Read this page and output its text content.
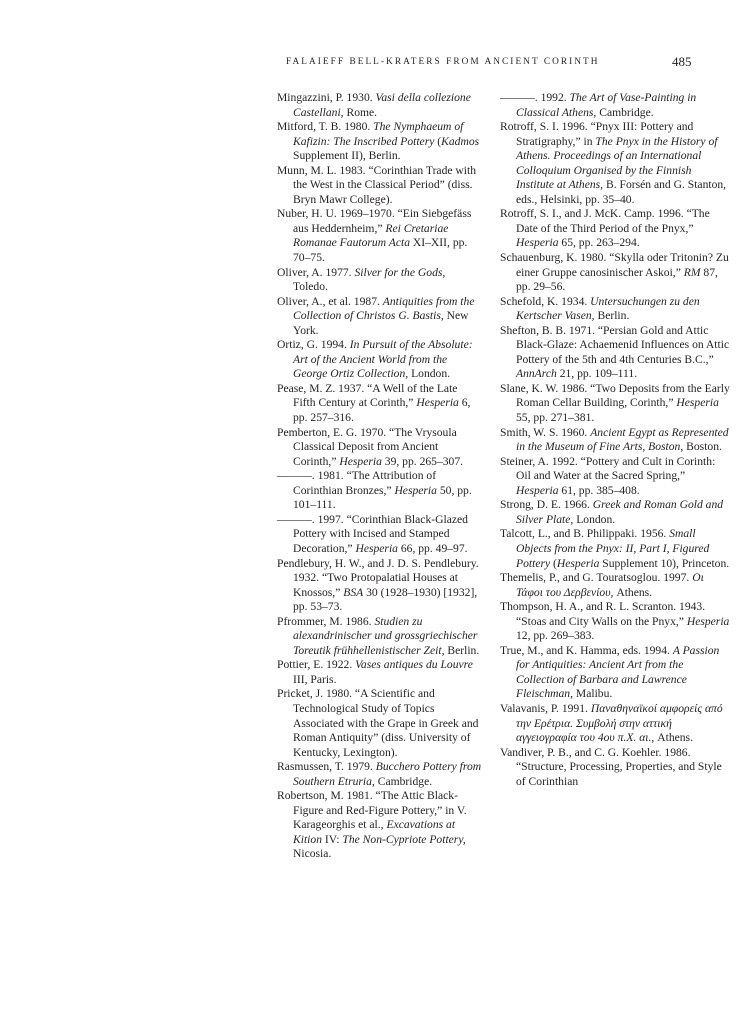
FALAIEFF BELL-KRATERS FROM ANCIENT CORINTH	485

Mingazzini, P. 1930. Vasi della collezione Castellani, Rome.

Mitford, T. B. 1980. The Nymphaeum of Kafizin: The Inscribed Pottery (Kadmos Supplement II), Berlin.

Munn, M. L. 1983. “Corinthian Trade with the West in the Classical Period” (diss. Bryn Mawr College).

Nuber, H. U. 1969–1970. “Ein Siebgefäss aus Heddernheim,” Rei Cretariae Romanae Fautorum Acta XI–XII, pp. 70–75.

Oliver, A. 1977. Silver for the Gods, Toledo.

Oliver, A., et al. 1987. Antiquities from the Collection of Christos G. Bastis, New York.

Ortiz, G. 1994. In Pursuit of the Absolute: Art of the Ancient World from the George Ortiz Collection, London.

Pease, M. Z. 1937. “A Well of the Late Fifth Century at Corinth,” Hesperia 6, pp. 257–316.

Pemberton, E. G. 1970. “The Vrysoula Classical Deposit from Ancient Corinth,” Hesperia 39, pp. 265–307.

———. 1981. “The Attribution of Corinthian Bronzes,” Hesperia 50, pp. 101–111.

———. 1997. “Corinthian Black-Glazed Pottery with Incised and Stamped Decoration,” Hesperia 66, pp. 49–97.

Pendlebury, H. W., and J. D. S. Pendlebury. 1932. “Two Protopalatial Houses at Knossos,” BSA 30 (1928–1930) [1932], pp. 53–73.

Pfrommer, M. 1986. Studien zu alexandrinischer und grossgriechischer Toreutik frühhellenistischer Zeit, Berlin.

Pottier, E. 1922. Vases antiques du Louvre III, Paris.

Pricket, J. 1980. “A Scientific and Technological Study of Topics Associated with the Grape in Greek and Roman Antiquity” (diss. University of Kentucky, Lexington).

Rasmussen, T. 1979. Bucchero Pottery from Southern Etruria, Cambridge.

Robertson, M. 1981. “The Attic Black-Figure and Red-Figure Pottery,” in V. Karageorghis et al., Excavations at Kition IV: The Non-Cypriote Pottery, Nicosia.

———. 1992. The Art of Vase-Painting in Classical Athens, Cambridge.

Rotroff, S. I. 1996. “Pnyx III: Pottery and Stratigraphy,” in The Pnyx in the History of Athens. Proceedings of an International Colloquium Organised by the Finnish Institute at Athens, B. Forsén and G. Stanton, eds., Helsinki, pp. 35–40.

Rotroff, S. I., and J. McK. Camp. 1996. “The Date of the Third Period of the Pnyx,” Hesperia 65, pp. 263–294.

Schauenburg, K. 1980. “Skylla oder Tritonin? Zu einer Gruppe canosinischer Askoi,” RM 87, pp. 29–56.

Schefold, K. 1934. Untersuchungen zu den Kertscher Vasen, Berlin.

Shefton, B. B. 1971. “Persian Gold and Attic Black-Glaze: Achaemenid Influences on Attic Pottery of the 5th and 4th Centuries B.C.,” AnnArch 21, pp. 109–111.

Slane, K. W. 1986. “Two Deposits from the Early Roman Cellar Building, Corinth,” Hesperia 55, pp. 271–381.

Smith, W. S. 1960. Ancient Egypt as Represented in the Museum of Fine Arts, Boston, Boston.

Steiner, A. 1992. “Pottery and Cult in Corinth: Oil and Water at the Sacred Spring,” Hesperia 61, pp. 385–408.

Strong, D. E. 1966. Greek and Roman Gold and Silver Plate, London.

Talcott, L., and B. Philippaki. 1956. Small Objects from the Pnyx: II, Part I, Figured Pottery (Hesperia Supplement 10), Princeton.

Themelis, P., and G. Touratsoglou. 1997. Οι Τάφοι του Δερβενίου, Athens.

Thompson, H. A., and R. L. Scranton. 1943. “Stoas and City Walls on the Pnyx,” Hesperia 12, pp. 269–383.

True, M., and K. Hamma, eds. 1994. A Passion for Antiquities: Ancient Art from the Collection of Barbara and Lawrence Fleischman, Malibu.

Valavanis, P. 1991. Παναθηναϊκοί αμφορείς από την Ερέτρια. Συμβολή στην αττική αγγειογραφία του 4ου π.Χ. αι., Athens.

Vandiver, P. B., and C. G. Koehler. 1986. “Structure, Processing, Properties, and Style of Corinthian
